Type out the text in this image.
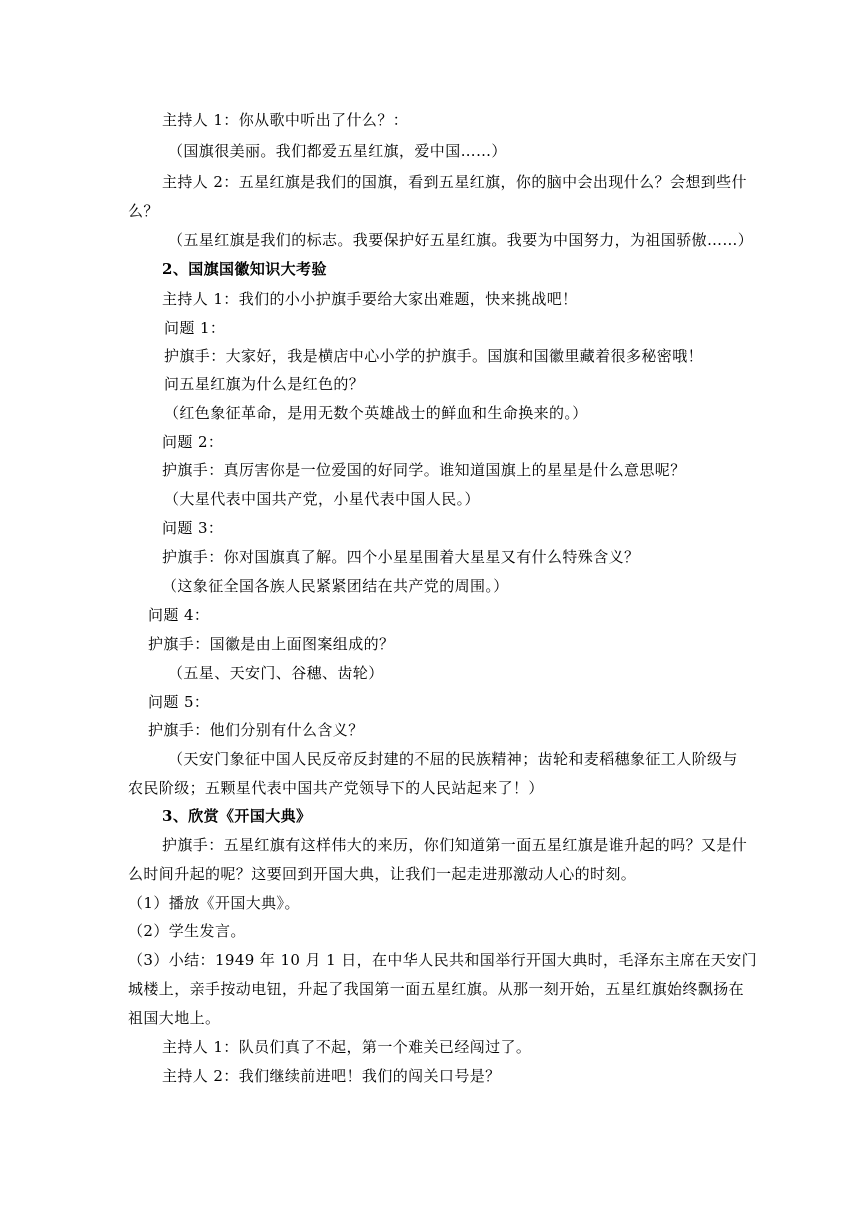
主持人 1：你从歌中听出了什么？：
（国旗很美丽。我们都爱五星红旗，爱中国……）
主持人 2：五星红旗是我们的国旗，看到五星红旗，你的脑中会出现什么？会想到些什
么？
（五星红旗是我们的标志。我要保护好五星红旗。我要为中国努力，为祖国骄傲……）
2、国旗国徽知识大考验
主持人 1：我们的小小护旗手要给大家出难题，快来挑战吧！
问题 1：
护旗手：大家好，我是横店中心小学的护旗手。国旗和国徽里藏着很多秘密哦！
问五星红旗为什么是红色的？
（红色象征革命，是用无数个英雄战士的鲜血和生命换来的。）
问题 2：
护旗手：真厉害你是一位爱国的好同学。谁知道国旗上的星星是什么意思呢？
（大星代表中国共产党，小星代表中国人民。）
问题 3：
护旗手：你对国旗真了解。四个小星星围着大星星又有什么特殊含义？
（这象征全国各族人民紧紧团结在共产党的周围。）
问题 4：
护旗手：国徽是由上面图案组成的？
（五星、天安门、谷穗、齿轮）
问题 5：
护旗手：他们分别有什么含义？
（天安门象征中国人民反帝反封建的不屈的民族精神；齿轮和麦稻穗象征工人阶级与
农民阶级；五颗星代表中国共产党领导下的人民站起来了！）
3、欣赏《开国大典》
护旗手：五星红旗有这样伟大的来历，你们知道第一面五星红旗是谁升起的吗？又是什
么时间升起的呢？这要回到开国大典，让我们一起走进那激动人心的时刻。
（1）播放《开国大典》。
（2）学生发言。
（3）小结：1949 年 10 月 1 日，在中华人民共和国举行开国大典时，毛泽东主席在天安门
城楼上，亲手按动电钮，升起了我国第一面五星红旗。从那一刻开始，五星红旗始终飘扬在
祖国大地上。
主持人 1：队员们真了不起，第一个难关已经闯过了。
主持人 2：我们继续前进吧！我们的闯关口号是？
